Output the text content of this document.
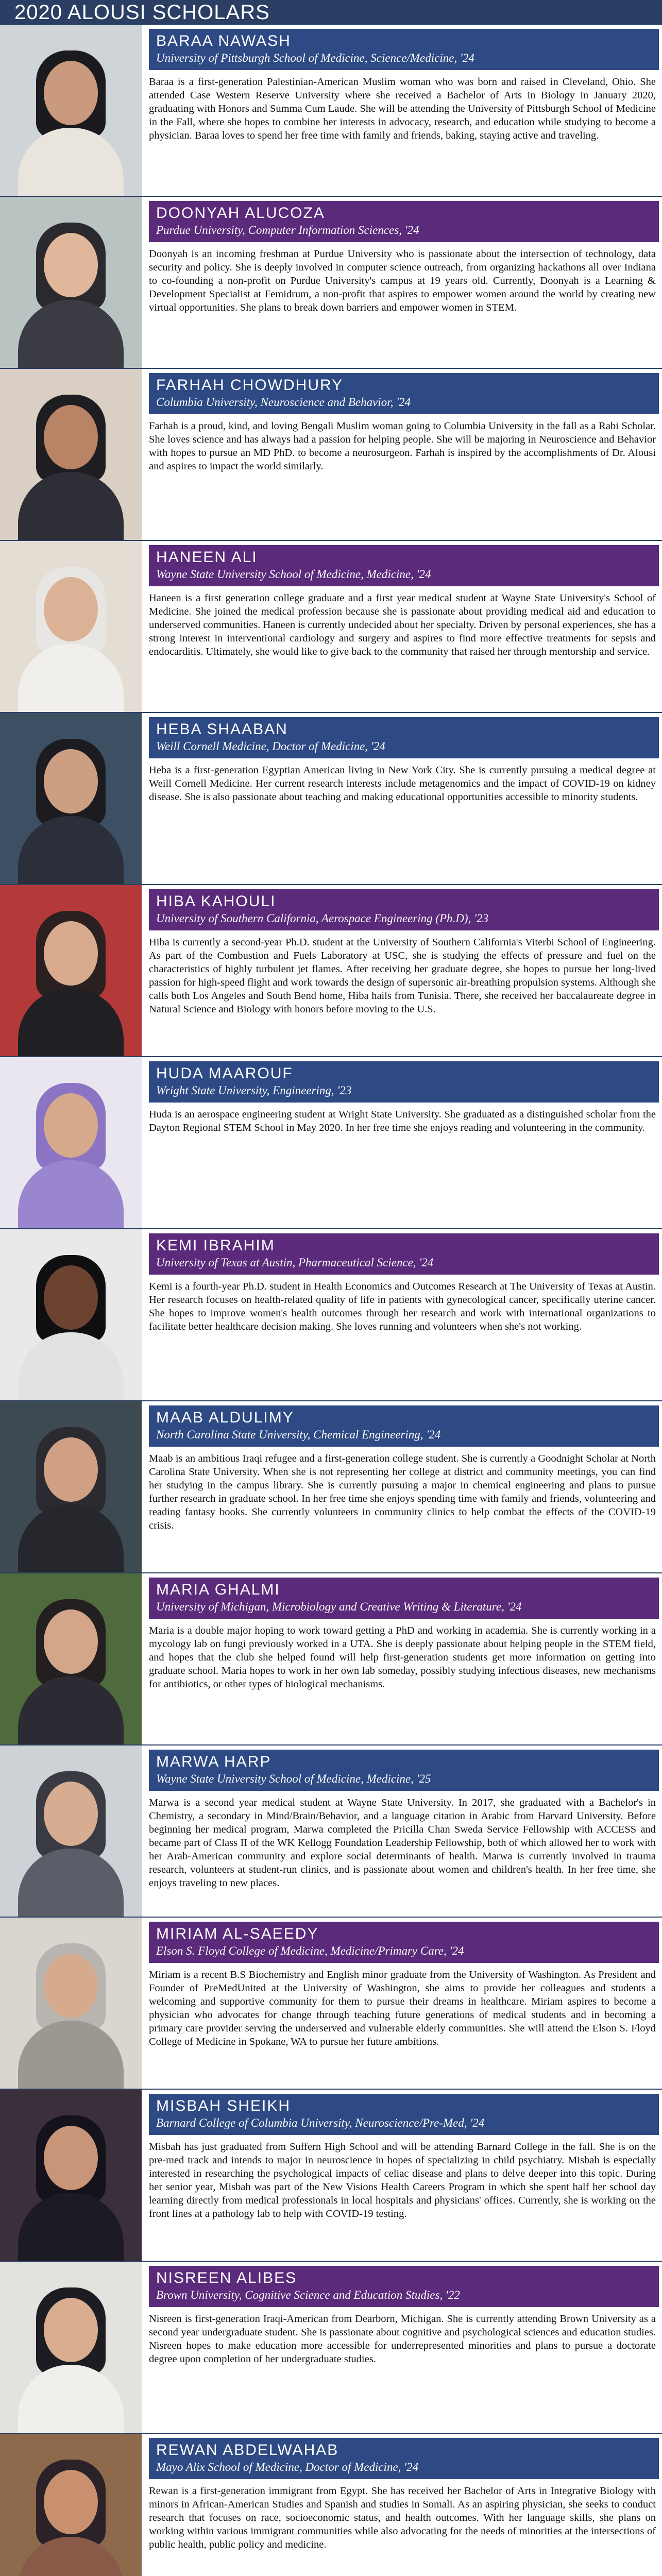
2020 ALOUSI SCHOLARS
BARAA NAWASH
University of Pittsburgh School of Medicine, Science/Medicine, '24
Baraa is a first-generation Palestinian-American Muslim woman who was born and raised in Cleveland, Ohio. She attended Case Western Reserve University where she received a Bachelor of Arts in Biology in January 2020, graduating with Honors and Summa Cum Laude. She will be attending the University of Pittsburgh School of Medicine in the Fall, where she hopes to combine her interests in advocacy, research, and education while studying to become a physician. Baraa loves to spend her free time with family and friends, baking, staying active and traveling.
DOONYAH ALUCOZA
Purdue University, Computer Information Sciences, '24
Doonyah is an incoming freshman at Purdue University who is passionate about the intersection of technology, data security and policy. She is deeply involved in computer science outreach, from organizing hackathons all over Indiana to co-founding a non-profit on Purdue University's campus at 19 years old. Currently, Doonyah is a Learning & Development Specialist at Femidrum, a non-profit that aspires to empower women around the world by creating new virtual opportunities. She plans to break down barriers and empower women in STEM.
FARHAH CHOWDHURY
Columbia University, Neuroscience and Behavior, '24
Farhah is a proud, kind, and loving Bengali Muslim woman going to Columbia University in the fall as a Rabi Scholar. She loves science and has always had a passion for helping people. She will be majoring in Neuroscience and Behavior with hopes to pursue an MD PhD. to become a neurosurgeon. Farhah is inspired by the accomplishments of Dr. Alousi and aspires to impact the world similarly.
HANEEN ALI
Wayne State University School of Medicine, Medicine, '24
Haneen is a first generation college graduate and a first year medical student at Wayne State University's School of Medicine. She joined the medical profession because she is passionate about providing medical aid and education to underserved communities. Haneen is currently undecided about her specialty. Driven by personal experiences, she has a strong interest in interventional cardiology and surgery and aspires to find more effective treatments for sepsis and endocarditis. Ultimately, she would like to give back to the community that raised her through mentorship and service.
HEBA SHAABAN
Weill Cornell Medicine, Doctor of Medicine, '24
Heba is a first-generation Egyptian American living in New York City. She is currently pursuing a medical degree at Weill Cornell Medicine. Her current research interests include metagenomics and the impact of COVID-19 on kidney disease. She is also passionate about teaching and making educational opportunities accessible to minority students.
HIBA KAHOULI
University of Southern California, Aerospace Engineering (Ph.D), '23
Hiba is currently a second-year Ph.D. student at the University of Southern California's Viterbi School of Engineering. As part of the Combustion and Fuels Laboratory at USC, she is studying the effects of pressure and fuel on the characteristics of highly turbulent jet flames. After receiving her graduate degree, she hopes to pursue her long-lived passion for high-speed flight and work towards the design of supersonic air-breathing propulsion systems. Although she calls both Los Angeles and South Bend home, Hiba hails from Tunisia. There, she received her baccalaureate degree in Natural Science and Biology with honors before moving to the U.S.
HUDA MAAROUF
Wright State University, Engineering, '23
Huda is an aerospace engineering student at Wright State University. She graduated as a distinguished scholar from the Dayton Regional STEM School in May 2020. In her free time she enjoys reading and volunteering in the community.
KEMI IBRAHIM
University of Texas at Austin, Pharmaceutical Science, '24
Kemi is a fourth-year Ph.D. student in Health Economics and Outcomes Research at The University of Texas at Austin. Her research focuses on health-related quality of life in patients with gynecological cancer, specifically uterine cancer. She hopes to improve women's health outcomes through her research and work with international organizations to facilitate better healthcare decision making. She loves running and volunteers when she's not working.
MAAB ALDULIMY
North Carolina State University, Chemical Engineering, '24
Maab is an ambitious Iraqi refugee and a first-generation college student. She is currently a Goodnight Scholar at North Carolina State University. When she is not representing her college at district and community meetings, you can find her studying in the campus library. She is currently pursuing a major in chemical engineering and plans to pursue further research in graduate school. In her free time she enjoys spending time with family and friends, volunteering and reading fantasy books. She currently volunteers in community clinics to help combat the effects of the COVID-19 crisis.
MARIA GHALMI
University of Michigan, Microbiology and Creative Writing & Literature, '24
Maria is a double major hoping to work toward getting a PhD and working in academia. She is currently working in a mycology lab on fungi previously worked in a UTA. She is deeply passionate about helping people in the STEM field, and hopes that the club she helped found will help first-generation students get more information on getting into graduate school. Maria hopes to work in her own lab someday, possibly studying infectious diseases, new mechanisms for antibiotics, or other types of biological mechanisms.
MARWA HARP
Wayne State University School of Medicine, Medicine, '25
Marwa is a second year medical student at Wayne State University. In 2017, she graduated with a Bachelor's in Chemistry, a secondary in Mind/Brain/Behavior, and a language citation in Arabic from Harvard University. Before beginning her medical program, Marwa completed the Pricilla Chan Sweda Service Fellowship with ACCESS and became part of Class II of the WK Kellogg Foundation Leadership Fellowship, both of which allowed her to work with her Arab-American community and explore social determinants of health. Marwa is currently involved in trauma research, volunteers at student-run clinics, and is passionate about women and children's health. In her free time, she enjoys traveling to new places.
MIRIAM AL-SAEEDY
Elson S. Floyd College of Medicine, Medicine/Primary Care, '24
Miriam is a recent B.S Biochemistry and English minor graduate from the University of Washington. As President and Founder of PreMedUnited at the University of Washington, she aims to provide her colleagues and students a welcoming and supportive community for them to pursue their dreams in healthcare. Miriam aspires to become a physician who advocates for change through teaching future generations of medical students and in becoming a primary care provider serving the underserved and vulnerable elderly communities. She will attend the Elson S. Floyd College of Medicine in Spokane, WA to pursue her future ambitions.
MISBAH SHEIKH
Barnard College of Columbia University, Neuroscience/Pre-Med, '24
Misbah has just graduated from Suffern High School and will be attending Barnard College in the fall. She is on the pre-med track and intends to major in neuroscience in hopes of specializing in child psychiatry. Misbah is especially interested in researching the psychological impacts of celiac disease and plans to delve deeper into this topic. During her senior year, Misbah was part of the New Visions Health Careers Program in which she spent half her school day learning directly from medical professionals in local hospitals and physicians' offices. Currently, she is working on the front lines at a pathology lab to help with COVID-19 testing.
NISREEN ALIBES
Brown University, Cognitive Science and Education Studies, '22
Nisreen is first-generation Iraqi-American from Dearborn, Michigan. She is currently attending Brown University as a second year undergraduate student. She is passionate about cognitive and psychological sciences and education studies. Nisreen hopes to make education more accessible for underrepresented minorities and plans to pursue a doctorate degree upon completion of her undergraduate studies.
REWAN ABDELWAHAB
Mayo Alix School of Medicine, Doctor of Medicine, '24
Rewan is a first-generation immigrant from Egypt. She has received her Bachelor of Arts in Integrative Biology with minors in African-American Studies and Spanish and studies in Somali. As an aspiring physician, she seeks to conduct research that focuses on race, socioeconomic status, and health outcomes. With her language skills, she plans on working within various immigrant communities while also advocating for the needs of minorities at the intersections of public health, public policy and medicine.
